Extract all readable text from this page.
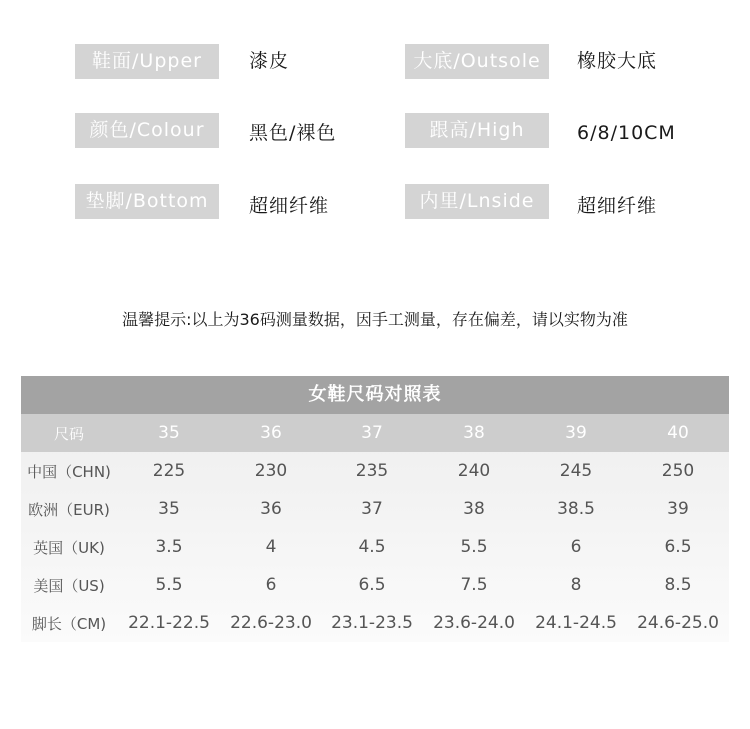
鞋面/Upper	漆皮	大底/Outsole	橡胶大底
颜色/Colour	黑色/裸色	跟高/High	6/8/10CM
垫脚/Bottom	超细纤维	内里/Lnside	超细纤维
温馨提示:以上为36码测量数据，因手工测量，存在偏差，请以实物为准
女鞋尺码对照表
尺码	35	36	37	38	39	40
中国（CHN)	225	230	235	240	245	250
欧洲（EUR)	35	36	37	38	38.5	39
英国（UK)	3.5	4	4.5	5.5	6	6.5
美国（US)	5.5	6	6.5	7.5	8	8.5
脚长（CM)	22.1-22.5	22.6-23.0	23.1-23.5	23.6-24.0	24.1-24.5	24.6-25.0
